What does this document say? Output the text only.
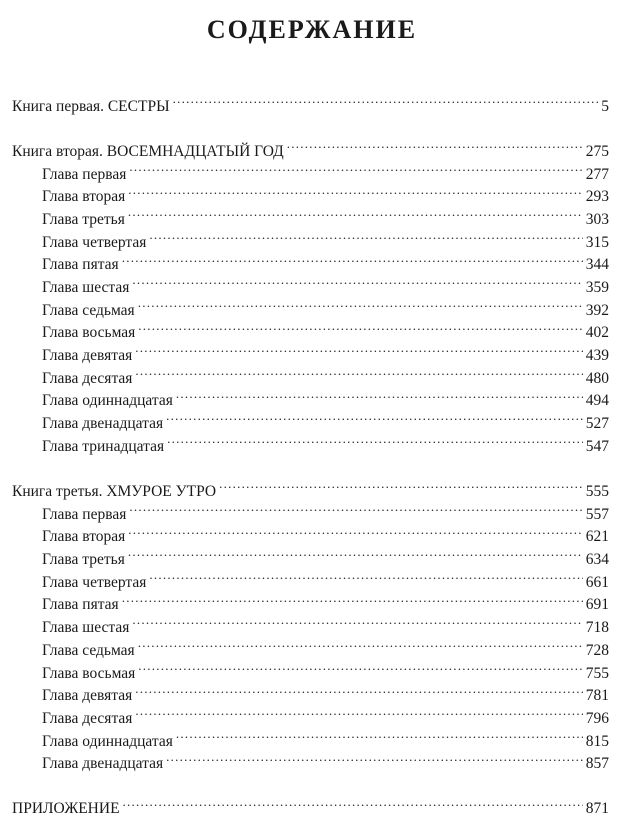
СОДЕРЖАНИЕ
Книга первая. СЕСТРЫ . . .	5
Книга вторая. ВОСЕМНАДЦАТЫЙ ГОД . . .	275
Глава первая . . .	277
Глава вторая . . .	293
Глава третья . . .	303
Глава четвертая . . .	315
Глава пятая . . .	344
Глава шестая . . .	359
Глава седьмая . . .	392
Глава восьмая . . .	402
Глава девятая . . .	439
Глава десятая . . .	480
Глава одиннадцатая . . .	494
Глава двенадцатая . . .	527
Глава тринадцатая . . .	547
Книга третья. ХМУРОЕ УТРО . . .	555
Глава первая . . .	557
Глава вторая . . .	621
Глава третья . . .	634
Глава четвертая . . .	661
Глава пятая . . .	691
Глава шестая . . .	718
Глава седьмая . . .	728
Глава восьмая . . .	755
Глава девятая . . .	781
Глава десятая . . .	796
Глава одиннадцатая . . .	815
Глава двенадцатая . . .	857
ПРИЛОЖЕНИЕ . . .	871
